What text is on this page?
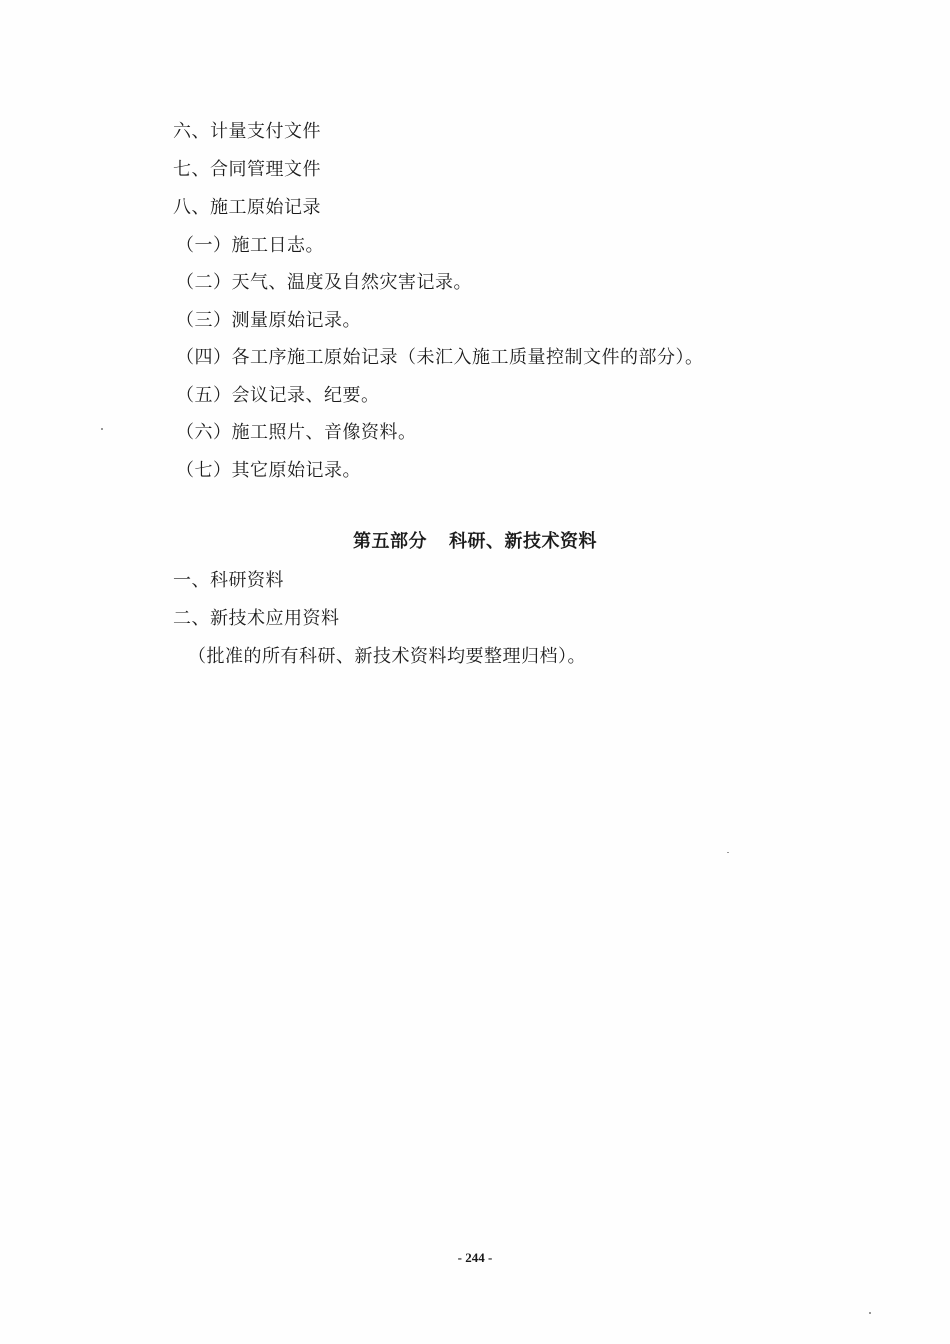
六、计量支付文件
七、合同管理文件
八、施工原始记录
（一）施工日志。
（二）天气、温度及自然灾害记录。
（三）测量原始记录。
（四）各工序施工原始记录（未汇入施工质量控制文件的部分）。
（五）会议记录、纪要。
（六）施工照片、音像资料。
（七）其它原始记录。
第五部分 科研、新技术资料
一、科研资料
二、新技术应用资料
（批准的所有科研、新技术资料均要整理归档）。
- 244 -
